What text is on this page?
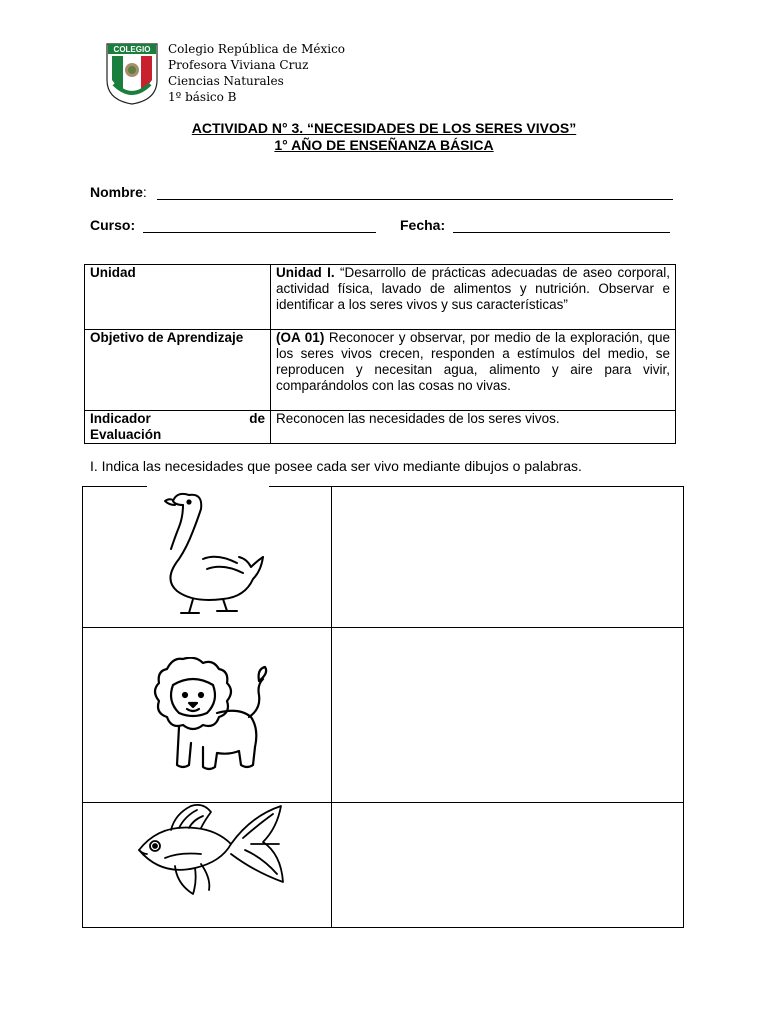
COLEGIO Colegio República de México
Profesora Viviana Cruz
Ciencias Naturales
1º básico B
ACTIVIDAD N° 3. “NECESIDADES DE LOS SERES VIVOS”
1° AÑO DE ENSEÑANZA BÁSICA
Nombre:
Curso:	Fecha:
Unidad	Unidad I. “Desarrollo de prácticas adecuadas de aseo corporal, actividad física, lavado de alimentos y nutrición. Observar e identificar a los seres vivos y sus características”
Objetivo de Aprendizaje	(OA 01) Reconocer y observar, por medio de la exploración, que los seres vivos crecen, responden a estímulos del medio, se reproducen y necesitan agua, alimento y aire para vivir, comparándolos con las cosas no vivas.

Indicador de
Evaluación	Reconocen las necesidades de los seres vivos.
I. Indica las necesidades que posee cada ser vivo mediante dibujos o palabras.
